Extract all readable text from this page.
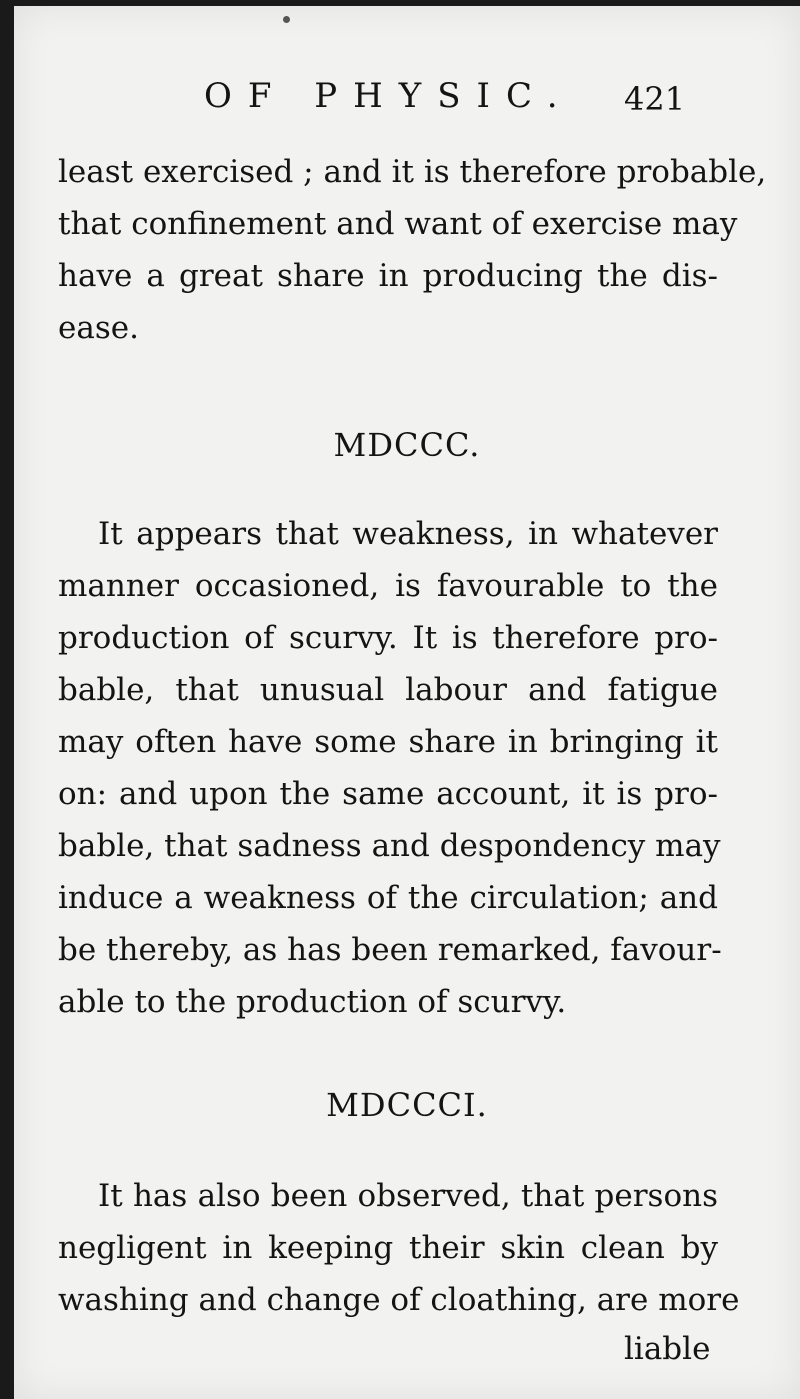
OF PHYSIC. 421
least exercised ; and it is therefore probable,
that confinement and want of exercise may
have a great share in producing the dis-
ease.
MDCCC.
It appears that weakness, in whatever
manner occasioned, is favourable to the
production of scurvy. It is therefore pro-
bable, that unusual labour and fatigue
may often have some share in bringing it
on: and upon the same account, it is pro-
bable, that sadness and despondency may
induce a weakness of the circulation; and
be thereby, as has been remarked, favour-
able to the production of scurvy.
MDCCCI.
It has also been observed, that persons
negligent in keeping their skin clean by
washing and change of cloathing, are more
liable
